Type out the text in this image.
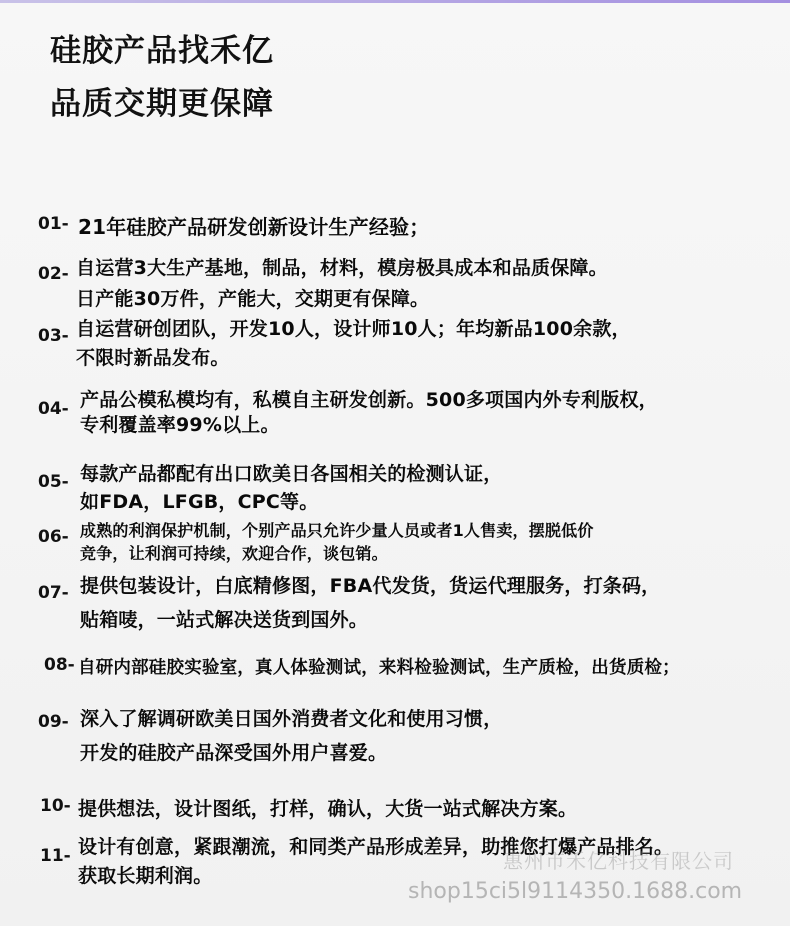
硅胶产品找禾亿
品质交期更保障
01- 21年硅胶产品研发创新设计生产经验；
02- 自运营3大生产基地，制品，材料，模房极具成本和品质保障。
日产能30万件，产能大，交期更有保障。
03- 自运营研创团队，开发10人，设计师10人；年均新品100余款，
不限时新品发布。
04- 产品公模私模均有，私模自主研发创新。500多项国内外专利版权，
专利覆盖率99%以上。
05- 每款产品都配有出口欧美日各国相关的检测认证，
如FDA，LFGB，CPC等。
06- 成熟的利润保护机制，个别产品只允许少量人员或者1人售卖，摆脱低价
竞争，让利润可持续，欢迎合作，谈包销。
07- 提供包装设计，白底精修图，FBA代发货，货运代理服务，打条码，
贴箱唛，一站式解决送货到国外。
08- 自研内部硅胶实验室，真人体验测试，来料检验测试，生产质检，出货质检；
09- 深入了解调研欧美日国外消费者文化和使用习惯，
开发的硅胶产品深受国外用户喜爱。
10- 提供想法，设计图纸，打样，确认，大货一站式解决方案。
11- 设计有创意，紧跟潮流，和同类产品形成差异，助推您打爆产品排名。
获取长期利润。
惠州市禾亿科技有限公司
shop15ci5l9114350.1688.com
